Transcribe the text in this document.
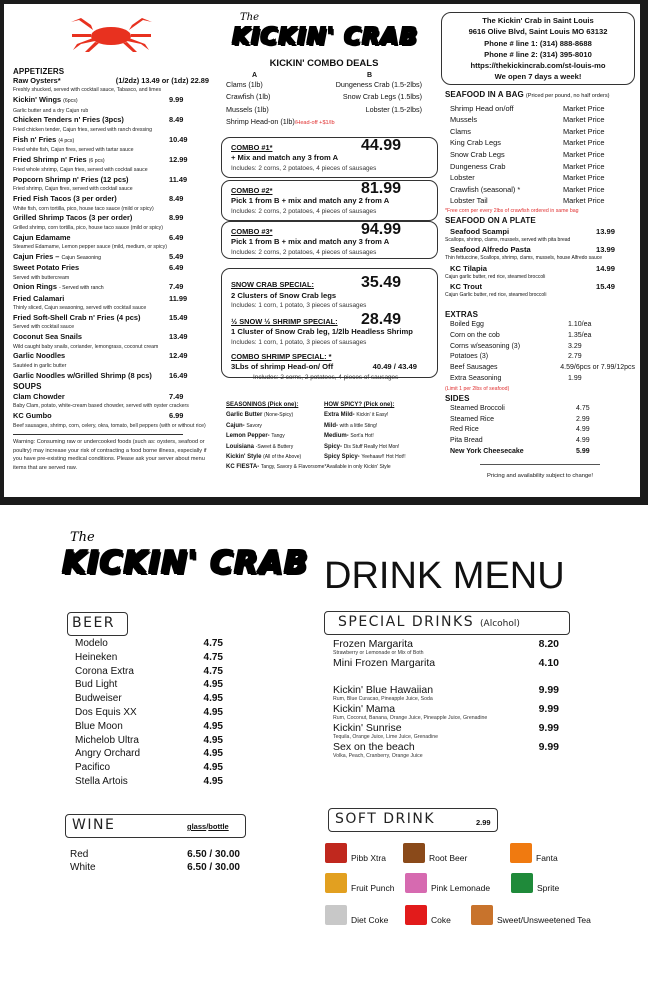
The
KICKIN' CRAB
APPETIZERS
Raw Oysters*	(1/2dz) 13.49 or (1dz) 22.89
Freshly shucked, served with cocktail sauce, Tabasco, and limes
Kickin' Wings (6pcs)	9.99
Garlic butter and a dry Cajun rub
Chicken Tenders n' Fries (3pcs)	8.49
Fried chicken tender, Cajun fries, served with ranch dressing
Fish n' Fries (4 pcs)	10.49
Fried white fish, Cajun fires, served with tartar sauce
Fried Shrimp n' Fries (6 pcs)	12.99
Fried whole shrimp, Cajun fries, served with cocktail sauce
Popcorn Shrimp n' Fries (12 pcs)	11.49
Fried shrimp, Cajun fires, served with cocktail sauce
Fried Fish Tacos (3 per order)	8.49
White fish, corn tortilla, pico, house taco sauce (mild or spicy)
Grilled Shrimp Tacos (3 per order)	8.99
Grilled shrimp, corn tortilla, pico, house taco sauce (mild or spicy)
Cajun Edamame	6.49
Steamed Edamame, Lemon pepper sauce (mild, medium, or spicy)
Cajun Fries – Cajun Seasoning	5.49
Sweet Potato Fries	6.49
Served with buttercream
Onion Rings - Served with ranch	7.49
Fried Calamari	11.99
Thinly sliced, Cajun seasoning, served with cocktail sauce
Fried Soft-Shell Crab n' Fries (4 pcs)	15.49
Served with cocktail sauce
Coconut Sea Snails	13.49
Wild caught baby snails, coriander, lemongrass, coconut cream
Garlic Noodles	12.49
Sautéed in garlic butter
Garlic Noodles w/Grilled Shrimp (8 pcs) 16.49
SOUPS
Clam Chowder	7.49
Baby Clam, potato, white-cream based chowder, served with oyster crackers
KC Gumbo	6.99
Beef sausages, shrimp, corn, celery, okra, tomato, bell peppers (with or without rice)
Warning: Consuming raw or undercooked foods (such as: oysters, seafood or poultry) may increase your risk of contracting a food borne illness, especially if you have pre-existing medical conditions. Please ask your server about menu items that are served raw.
KICKIN' COMBO DEALS
A	B
Clams (1lb)	Dungeness Crab (1.5-2lbs)
Crawfish (1lb)	Snow Crab Legs (1.5lbs)
Mussels (1lb)	Lobster (1.5-2lbs)
Shrimp Head-on (1lb)/Head-off +$1/lb
COMBO #1*	44.99
+ Mix and match any 3 from A
Includes: 2 corns, 2 potatoes, 4 pieces of sausages
COMBO #2*	81.99
Pick 1 from B + mix and match any 2 from A
Includes: 2 corns, 2 potatoes, 4 pieces of sausages
COMBO #3*	94.99
Pick 1 from B + mix and match any 3 from A
Includes: 2 corns, 2 potatoes, 4 pieces of sausages
SNOW CRAB SPECIAL:	35.49
2 Clusters of Snow Crab legs
Includes: 1 corn, 1 potato, 3 pieces of sausages
½ SNOW ½ SHRIMP SPECIAL: 28.49
1 Cluster of Snow Crab leg, 1/2lb Headless Shrimp
Includes: 1 corn, 1 potato, 3 pieces of sausages
COMBO SHRIMP SPECIAL: *
3Lbs of shrimp Head-on/ Off	40.49 / 43.49
Includes: 2 corns, 2 potatoes, 4 pieces of sausages
SEASONINGS (Pick one):
Garlic Butter (None-Spicy)
Cajun- Savory
Lemon Pepper- Tangy
Louisiana -Sweet & Buttery
Kickin' Style (All of the Above)
KC FIESTA- Tangy, Savory & Flavorsome*Available in only Kickin' Style
HOW SPICY? (Pick one):
Extra Mild- Kickin' it Easy!
Mild- with a little Sting!
Medium- Sort'a Hot!
Spicy- Dis Stuff Really Hot Mon!
Spicy Spicy- Yeehaaw!! Hot Hot!!
The Kickin' Crab in Saint Louis
9616 Olive Blvd, Saint Louis MO 63132
Phone # line 1: (314) 888-8688
Phone # line 2: (314) 395-8010
https://thekickincrab.com/st-louis-mo
We open 7 days a week!
SEAFOOD IN A BAG (Priced per pound, no half orders)
Shrimp Head on/off	Market Price
Mussels	Market Price
Clams	Market Price
King Crab Legs	Market Price
Snow Crab Legs	Market Price
Dungeness Crab	Market Price
Lobster	Market Price
Crawfish (seasonal) *	Market Price
Lobster Tail	Market Price
*Free corn per every 2lbs of crawfish ordered in same bag
SEAFOOD ON A PLATE
Seafood Scampi	13.99
Scallops, shrimp, clams, mussels, served with pita bread
Seafood Alfredo Pasta	13.99
Thin fettuccine, Scallops, shrimp, clams, mussels, house Alfredo sauce
KC Tilapia	14.99
Cajun garlic butter, red rice, steamed broccoli
KC Trout	15.49
Cajun Garlic butter, red rice, steamed broccoli
EXTRAS
Boiled Egg	1.10/ea
Corn on the cob	1.35/ea
Corns w/seasoning (3)	3.29
Potatoes (3)	2.79
Beef Sausages	4.59/6pcs or 7.99/12pcs
Extra Seasoning	1.99
(Limit 1 per 2lbs of seafood)
SIDES
Steamed Broccoli	4.75
Steamed Rice	2.99
Red Rice	4.99
Pita Bread	4.99
New York Cheesecake	5.99
Pricing and availability subject to change!
The
KICKIN' CRAB DRINK MENU
BEER
Modelo	4.75
Heineken	4.75
Corona Extra	4.75
Bud Light	4.95
Budweiser	4.95
Dos Equis XX	4.95
Blue Moon	4.95
Michelob Ultra	4.95
Angry Orchard	4.95
Pacifico	4.95
Stella Artois	4.95
WINE	glass/bottle
Red	6.50 / 30.00
White	6.50 / 30.00
SPECIAL DRINKS (Alcohol)
Frozen Margarita	8.20
Strawberry or Lemonade or Mix of Both
Mini Frozen Margarita	4.10
Kickin' Blue Hawaiian	9.99
Rum, Blue Curacao, Pineapple Juice, Soda
Kickin' Mama	9.99
Rum, Coconut, Banana, Orange Juice, Pineapple Juice, Grenadine
Kickin' Sunrise	9.99
Tequila, Orange Juice, Lime Juice, Grenadine
Sex on the beach	9.99
Volka, Peach, Cranberry, Orange Juice
SOFT DRINK	2.99
Pibb Xtra	Root Beer	Fanta
Fruit Punch	Pink Lemonade	Sprite
Diet Coke	Coke	Sweet/Unsweetened Tea
